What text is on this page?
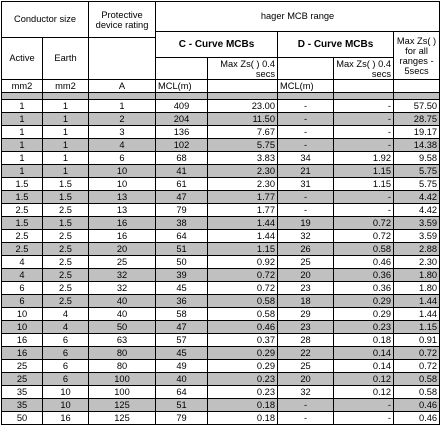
Conductor size		Protective device rating	hager MCB range				
			C - Curve MCBs		D - Curve MCBs		Max Zs( ) for all ranges - 5secs
Active	Earth						
				Max Zs( ) 0.4 secs		Max Zs( ) 0.4 secs	
mm2	mm2	A	MCL(m)		MCL(m)		

1	1	1	409	23.00	-	-	57.50
1	1	2	204	11.50	-	-	28.75
1	1	3	136	7.67	-	-	19.17
1	1	4	102	5.75	-	-	14.38
1	1	6	68	3.83	34	1.92	9.58
1	1	10	41	2.30	21	1.15	5.75
1.5	1.5	10	61	2.30	31	1.15	5.75
1.5	1.5	13	47	1.77	-	-	4.42
2.5	2.5	13	79	1.77	-	-	4.42
1.5	1.5	16	38	1.44	19	0.72	3.59
2.5	2.5	16	64	1.44	32	0.72	3.59
2.5	2.5	20	51	1.15	26	0.58	2.88
4	2.5	25	50	0.92	25	0.46	2.30
4	2.5	32	39	0.72	20	0.36	1.80
6	2.5	32	45	0.72	23	0.36	1.80
6	2.5	40	36	0.58	18	0.29	1.44
10	4	40	58	0.58	29	0.29	1.44
10	4	50	47	0.46	23	0.23	1.15
16	6	63	57	0.37	28	0.18	0.91
16	6	80	45	0.29	22	0.14	0.72
25	6	80	49	0.29	25	0.14	0.72
25	6	100	40	0.23	20	0.12	0.58
35	10	100	64	0.23	32	0.12	0.58
35	10	125	51	0.18	-	-	0.46
50	16	125	79	0.18	-	-	0.46
